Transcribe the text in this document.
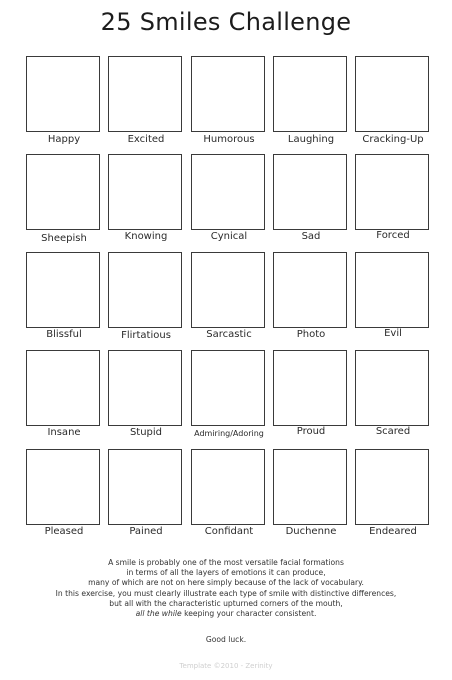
25 Smiles Challenge
Happy	Excited	Humorous	Laughing	Cracking-Up
Sheepish	Knowing	Cynical	Sad	Forced
Blissful	Flirtatious	Sarcastic	Photo	Evil
Insane	Stupid	Admiring/Adoring	Proud	Scared
Pleased	Pained	Confidant	Duchenne	Endeared
A smile is probably one of the most versatile facial formations
in terms of all the layers of emotions it can produce,
many of which are not on here simply because of the lack of vocabulary.
In this exercise, you must clearly illustrate each type of smile with distinctive differences,
but all with the characteristic upturned corners of the mouth,
all the while keeping your character consistent.
Good luck.
Template ©2010 - Zerinity
